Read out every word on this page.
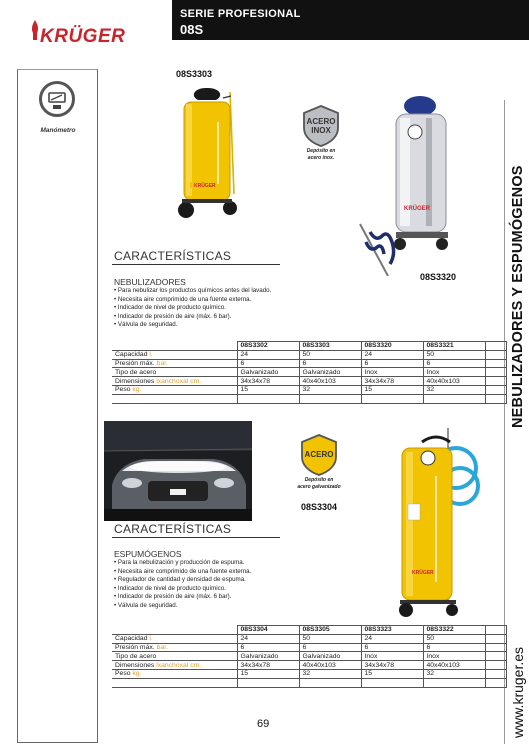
KRÜGER
SERIE PROFESIONAL
08S
Manómetro
NEBULIZADORES Y ESPUMÓGENOS
www.kruger.es
08S3303
08S3320
08S3304
KRÜGER
ACERO
INOX
Depósito en
acero inox.
KRÜGER
CARACTERÍSTICAS
NEBULIZADORES
• Para nebulizar los productos químicos antes del lavado.
• Necesita aire comprimido de una fuente externa.
• Indicador de nivel de producto químico.
• Indicador de presión de aire (máx. 6 bar).
• Válvula de seguridad.
	08S3302	08S3303	08S3320	08S3321	
Capacidad l.	24	50	24	50	
Presión máx. bar.	6	6	6	6	
Tipo de acero	Galvanizado	Galvanizado	Inox	Inox	
Dimensiones lxanchoxal cm.	34x34x78	40x40x103	34x34x78	40x40x103	
Peso kg.	15	32	15	32	

ACERO
Depósito en
acero galvanizado
KRÜGER
CARACTERÍSTICAS
ESPUMÓGENOS
• Para la nebulización y producción de espuma.
• Necesita aire comprimido de una fuente externa.
• Regulador de cantidad y densidad de espuma.
• Indicador de nivel de producto químico.
• Indicador de presión de aire (máx. 6 bar).
• Válvula de seguridad.
	08S3304	08S3305	08S3323	08S3322	
Capacidad l.	24	50	24	50	
Presión máx. bar.	6	6	6	6	
Tipo de acero	Galvanizado	Galvanizado	Inox	Inox	
Dimensiones lxanchoxal cm.	34x34x78	40x40x103	34x34x78	40x40x103	
Peso kg.	15	32	15	32	

69
